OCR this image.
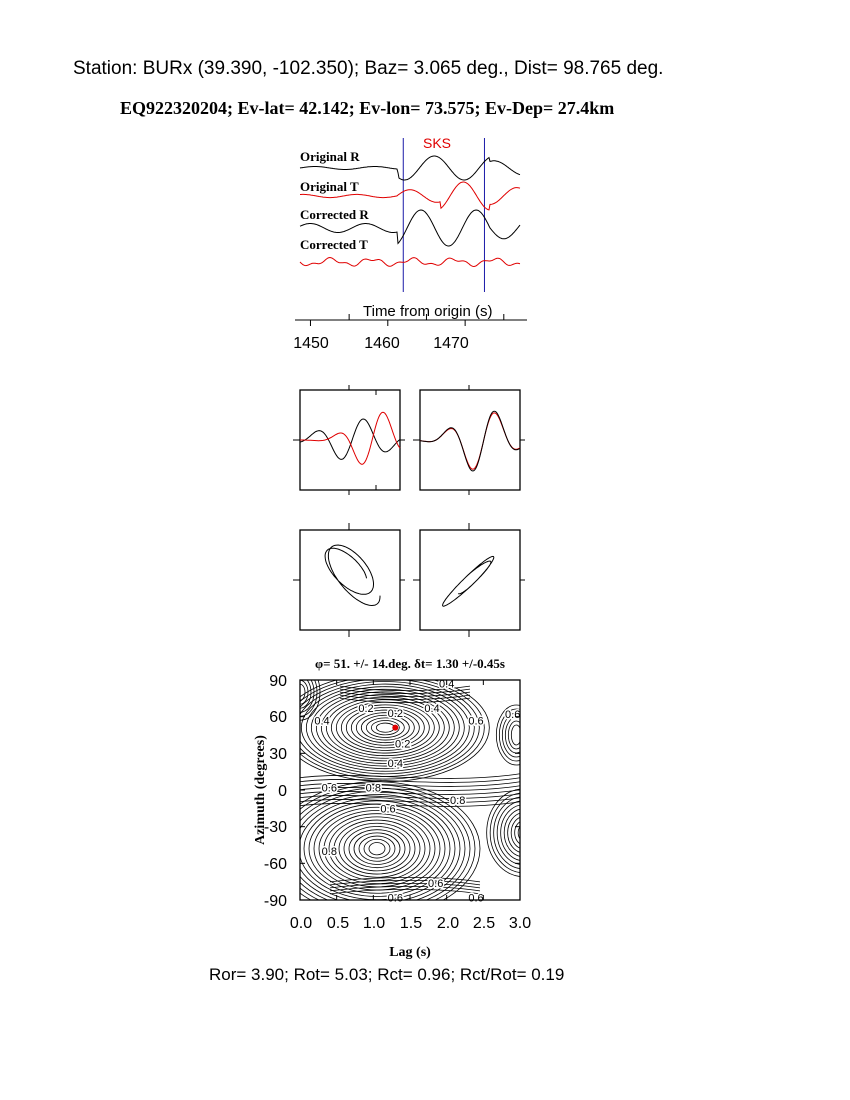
Station: BURx (39.390, -102.350); Baz= 3.065 deg., Dist= 98.765 deg.
EQ922320204; Ev-lat= 42.142; Ev-lon= 73.575; Ev-Dep= 27.4km
SKS
Original R
Original T
Corrected R
Corrected T
Time from origin (s)
1450 1460 1470
φ= 51. +/- 14.deg. δt= 1.30 +/-0.45s
0.4
0.2
0.2	0.4
0.4	0.6
0.2
0.4
0.6
0.6	0.8
0.6
0.8
0.8
0.6
0.6	0.6
90
60
30
0
-30
-60
-90
0.0 0.5 1.0 1.5 2.0 2.5 3.0
Lag (s)
Azimuth (degrees)
Ror= 3.90; Rot= 5.03; Rct= 0.96; Rct/Rot= 0.19
